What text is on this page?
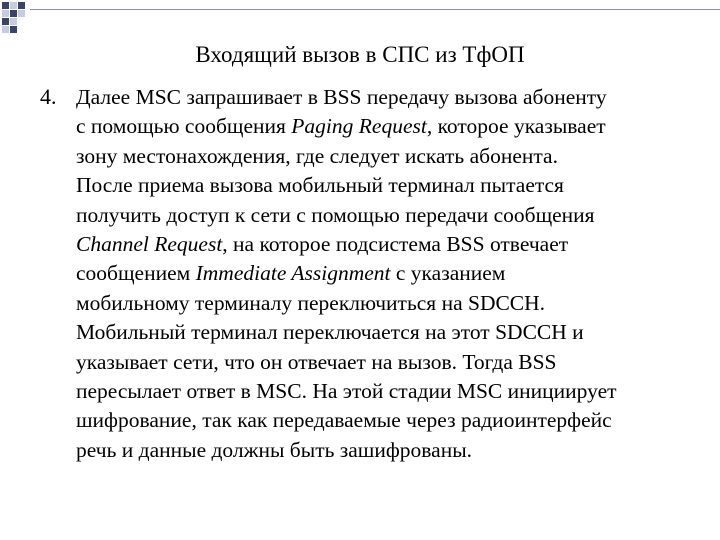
Входящий вызов в СПС из ТфОП
4. Далее MSC запрашивает в BSS передачу вызова абоненту
с помощью сообщения Paging Request, которое указывает
зону местонахождения, где следует искать абонента.
После приема вызова мобильный терминал пытается
получить доступ к сети с помощью передачи сообщения
Channel Request, на которое подсистема BSS отвечает
сообщением Immediate Assignment с указанием
мобильному терминалу переключиться на SDCCH.
Мобильный терминал переключается на этот SDCCH и
указывает сети, что он отвечает на вызов. Тогда BSS
пересылает ответ в MSC. На этой стадии MSC инициирует
шифрование, так как передаваемые через радиоинтерфейс
речь и данные должны быть зашифрованы.
